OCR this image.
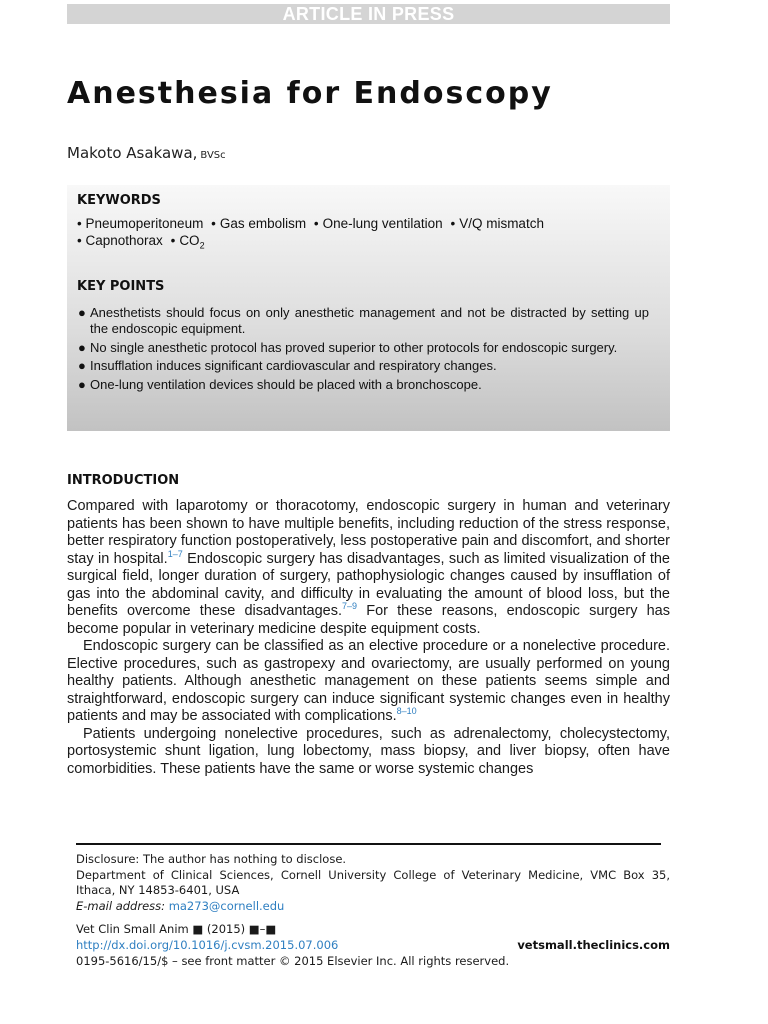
ARTICLE IN PRESS
Anesthesia for Endoscopy
Makoto Asakawa, BVSc
KEYWORDS
• Pneumoperitoneum • Gas embolism • One-lung ventilation • V/Q mismatch
• Capnothorax • $CO_2$
KEY POINTS
● Anesthetists should focus on only anesthetic management and not be distracted by setting up the endoscopic equipment.
● No single anesthetic protocol has proved superior to other protocols for endoscopic surgery.
● Insufflation induces significant cardiovascular and respiratory changes.
● One-lung ventilation devices should be placed with a bronchoscope.
INTRODUCTION

Compared with laparotomy or thoracotomy, endoscopic surgery in human and veterinary patients has been shown to have multiple benefits, including reduction of the stress response, better respiratory function postoperatively, less postoperative pain and discomfort, and shorter stay in hospital.$^{1-7}$ Endoscopic surgery has disadvantages, such as limited visualization of the surgical field, longer duration of surgery, pathophysiologic changes caused by insufflation of gas into the abdominal cavity, and difficulty in evaluating the amount of blood loss, but the benefits overcome these disadvantages.$^{7-9}$ For these reasons, endoscopic surgery has become popular in veterinary medicine despite equipment costs.

Endoscopic surgery can be classified as an elective procedure or a nonelective procedure. Elective procedures, such as gastropexy and ovariectomy, are usually performed on young healthy patients. Although anesthetic management on these patients seems simple and straightforward, endoscopic surgery can induce significant systemic changes even in healthy patients and may be associated with complications.$^{8-10}$

Patients undergoing nonelective procedures, such as adrenalectomy, cholecystectomy, portosystemic shunt ligation, lung lobectomy, mass biopsy, and liver biopsy, often have comorbidities. These patients have the same or worse systemic changes

Disclosure: The author has nothing to disclose.
Department of Clinical Sciences, Cornell University College of Veterinary Medicine, VMC Box 35, Ithaca, NY 14853-6401, USA
E-mail address: ma273@cornell.edu
Vet Clin Small Anim ■ (2015) ■–■
http://dx.doi.org/10.1016/j.cvsm.2015.07.006	vetsmall.theclinics.com
0195-5616/15/$ – see front matter © 2015 Elsevier Inc. All rights reserved.
